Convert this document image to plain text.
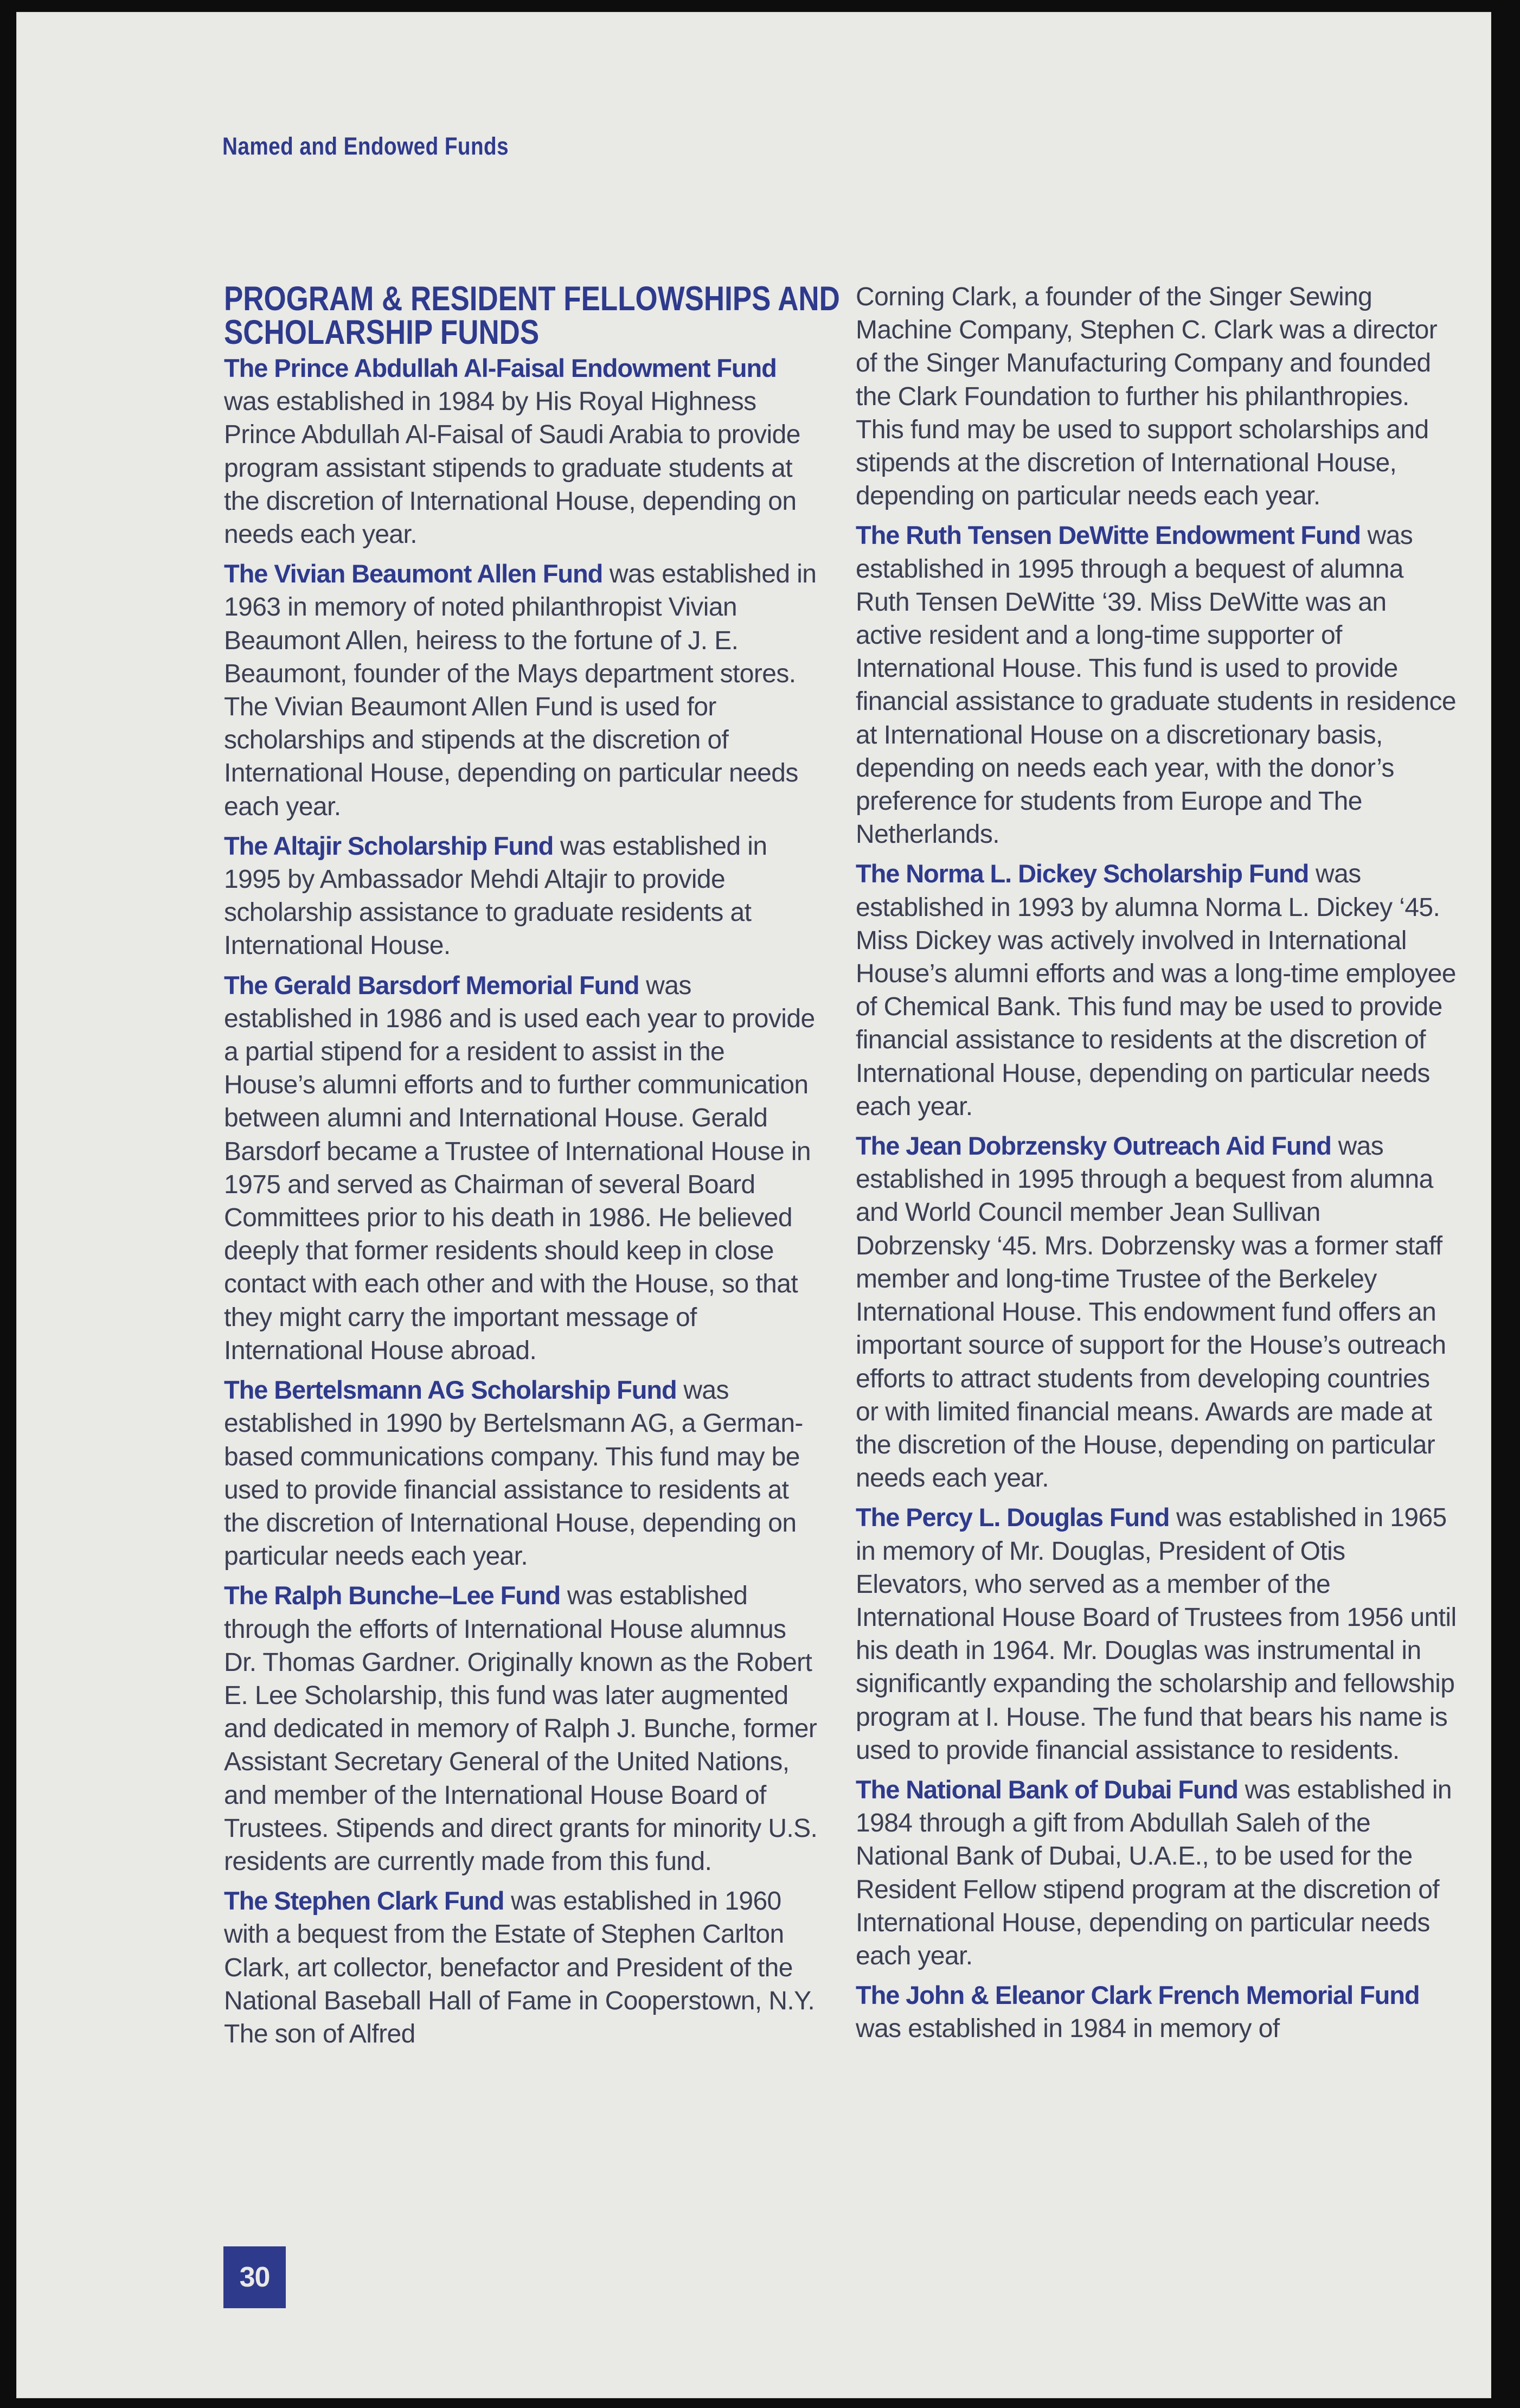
Named and Endowed Funds
PROGRAM & RESIDENT FELLOWSHIPS AND SCHOLARSHIP FUNDS

The Prince Abdullah Al-Faisal Endowment Fund was established in 1984 by His Royal Highness Prince Abdullah Al-Faisal of Saudi Arabia to provide program assistant stipends to graduate students at the discretion of International House, depending on needs each year.

The Vivian Beaumont Allen Fund was established in 1963 in memory of noted philanthropist Vivian Beaumont Allen, heiress to the fortune of J. E. Beaumont, founder of the Mays department stores. The Vivian Beaumont Allen Fund is used for scholarships and stipends at the discretion of International House, depending on particular needs each year.

The Altajir Scholarship Fund was established in 1995 by Ambassador Mehdi Altajir to provide scholarship assistance to graduate residents at International House.

The Gerald Barsdorf Memorial Fund was established in 1986 and is used each year to provide a partial stipend for a resident to assist in the House’s alumni efforts and to further communication between alumni and International House. Gerald Barsdorf became a Trustee of International House in 1975 and served as Chairman of several Board Committees prior to his death in 1986. He believed deeply that former residents should keep in close contact with each other and with the House, so that they might carry the important message of International House abroad.

The Bertelsmann AG Scholarship Fund was established in 1990 by Bertelsmann AG, a German-based communications company. This fund may be used to provide financial assistance to residents at the discretion of International House, depending on particular needs each year.

The Ralph Bunche–Lee Fund was established through the efforts of International House alumnus Dr. Thomas Gardner. Originally known as the Robert E. Lee Scholarship, this fund was later augmented and dedicated in memory of Ralph J. Bunche, former Assistant Secretary General of the United Nations, and member of the International House Board of Trustees. Stipends and direct grants for minority U.S. residents are currently made from this fund.

The Stephen Clark Fund was established in 1960 with a bequest from the Estate of Stephen Carlton Clark, art collector, benefactor and President of the National Baseball Hall of Fame in Cooperstown, N.Y. The son of Alfred

Corning Clark, a founder of the Singer Sewing Machine Company, Stephen C. Clark was a director of the Singer Manufacturing Company and founded the Clark Foundation to further his philanthropies. This fund may be used to support scholarships and stipends at the discretion of International House, depending on particular needs each year.

The Ruth Tensen DeWitte Endowment Fund was established in 1995 through a bequest of alumna Ruth Tensen DeWitte ‘39. Miss DeWitte was an active resident and a long-time supporter of International House. This fund is used to provide financial assistance to graduate students in residence at International House on a discretionary basis, depending on needs each year, with the donor’s preference for students from Europe and The Netherlands.

The Norma L. Dickey Scholarship Fund was established in 1993 by alumna Norma L. Dickey ‘45. Miss Dickey was actively involved in International House’s alumni efforts and was a long-time employee of Chemical Bank. This fund may be used to provide financial assistance to residents at the discretion of International House, depending on particular needs each year.

The Jean Dobrzensky Outreach Aid Fund was established in 1995 through a bequest from alumna and World Council member Jean Sullivan Dobrzensky ‘45. Mrs. Dobrzensky was a former staff member and long-time Trustee of the Berkeley International House. This endowment fund offers an important source of support for the House’s outreach efforts to attract students from developing countries or with limited financial means. Awards are made at the discretion of the House, depending on particular needs each year.

The Percy L. Douglas Fund was established in 1965 in memory of Mr. Douglas, President of Otis Elevators, who served as a member of the International House Board of Trustees from 1956 until his death in 1964. Mr. Douglas was instrumental in significantly expanding the scholarship and fellowship program at I. House. The fund that bears his name is used to provide financial assistance to residents.

The National Bank of Dubai Fund was established in 1984 through a gift from Abdullah Saleh of the National Bank of Dubai, U.A.E., to be used for the Resident Fellow stipend program at the discretion of International House, depending on particular needs each year.

The John & Eleanor Clark French Memorial Fund was established in 1984 in memory of

30
